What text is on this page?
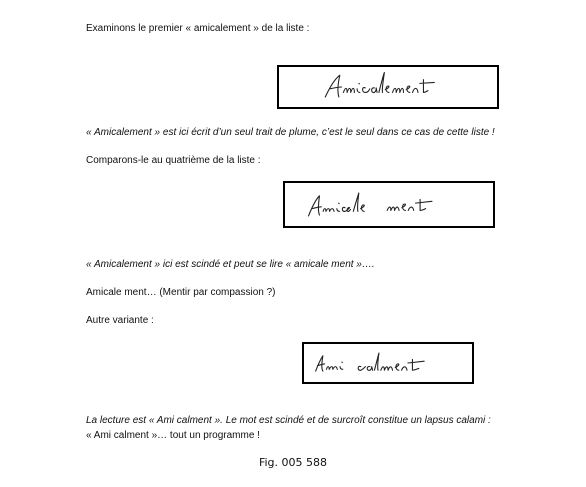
Examinons le premier « amicalement » de la liste :
« Amicalement » est ici écrit d’un seul trait de plume, c’est le seul dans ce cas de cette liste !
Comparons-le au quatrième de la liste :
« Amicalement » ici est scindé et peut se lire « amicale ment »….
Amicale ment… (Mentir par compassion ?)
Autre variante :
La lecture est « Ami calment ». Le mot est scindé et de surcroît constitue un lapsus calami :
« Ami calment »… tout un programme !
Fig. 005 588
